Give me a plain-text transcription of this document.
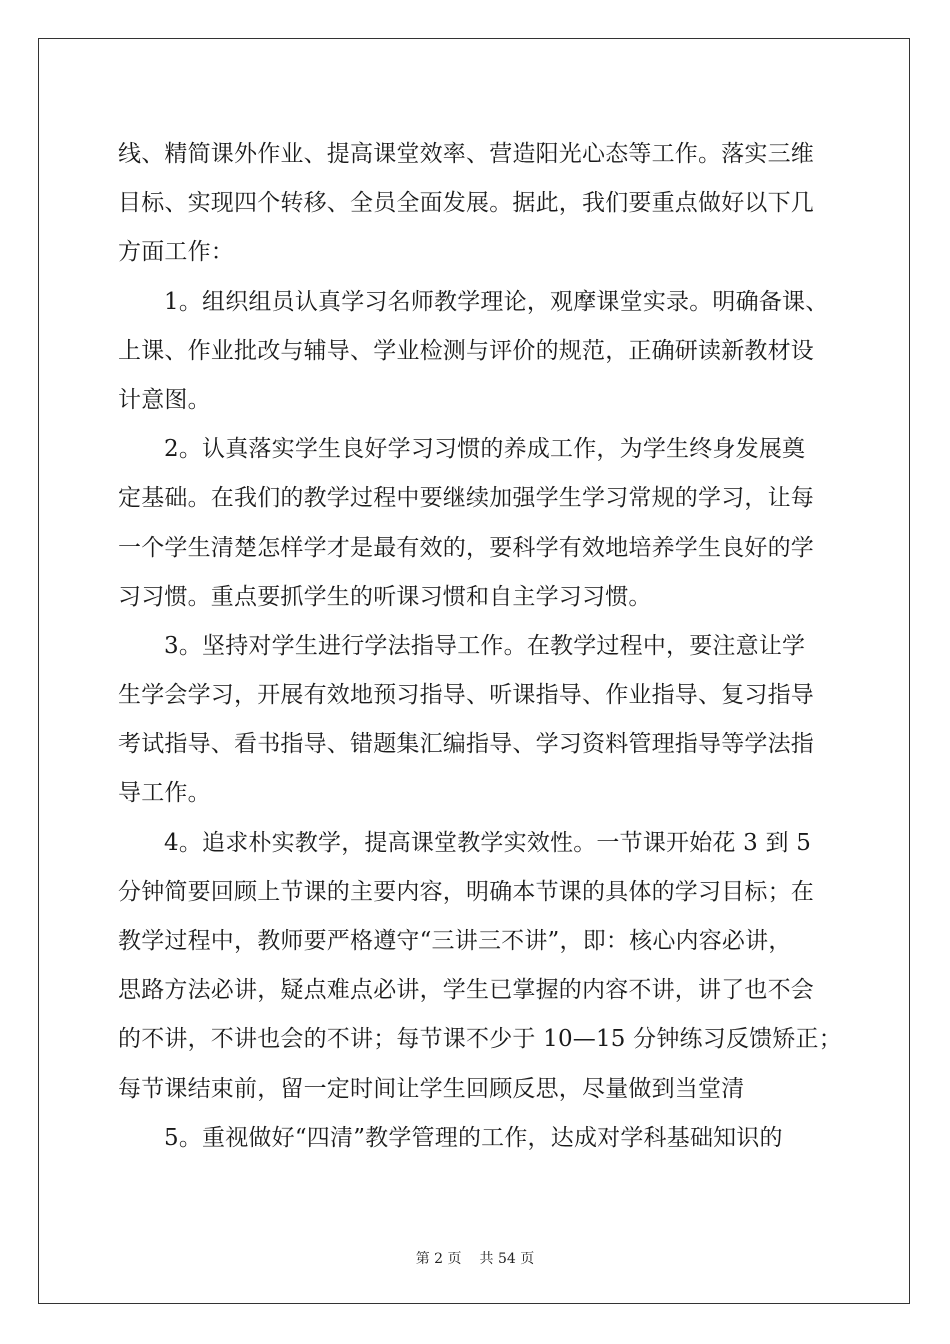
线、精简课外作业、提高课堂效率、营造阳光心态等工作。落实三维
目标、实现四个转移、全员全面发展。据此，我们要重点做好以下几
方面工作：
1。组织组员认真学习名师教学理论，观摩课堂实录。明确备课、
上课、作业批改与辅导、学业检测与评价的规范，正确研读新教材设
计意图。
2。认真落实学生良好学习习惯的养成工作，为学生终身发展奠
定基础。在我们的教学过程中要继续加强学生学习常规的学习，让每
一个学生清楚怎样学才是最有效的，要科学有效地培养学生良好的学
习习惯。重点要抓学生的听课习惯和自主学习习惯。
3。坚持对学生进行学法指导工作。在教学过程中，要注意让学
生学会学习，开展有效地预习指导、听课指导、作业指导、复习指导
考试指导、看书指导、错题集汇编指导、学习资料管理指导等学法指
导工作。
4。追求朴实教学，提高课堂教学实效性。一节课开始花 3 到 5
分钟简要回顾上节课的主要内容，明确本节课的具体的学习目标；在
教学过程中，教师要严格遵守“三讲三不讲”，即：核心内容必讲，
思路方法必讲，疑点难点必讲，学生已掌握的内容不讲，讲了也不会
的不讲，不讲也会的不讲；每节课不少于 10—15 分钟练习反馈矫正；
每节课结束前，留一定时间让学生回顾反思，尽量做到当堂清
5。重视做好“四清”教学管理的工作，达成对学科基础知识的
第 2 页 共 54 页
